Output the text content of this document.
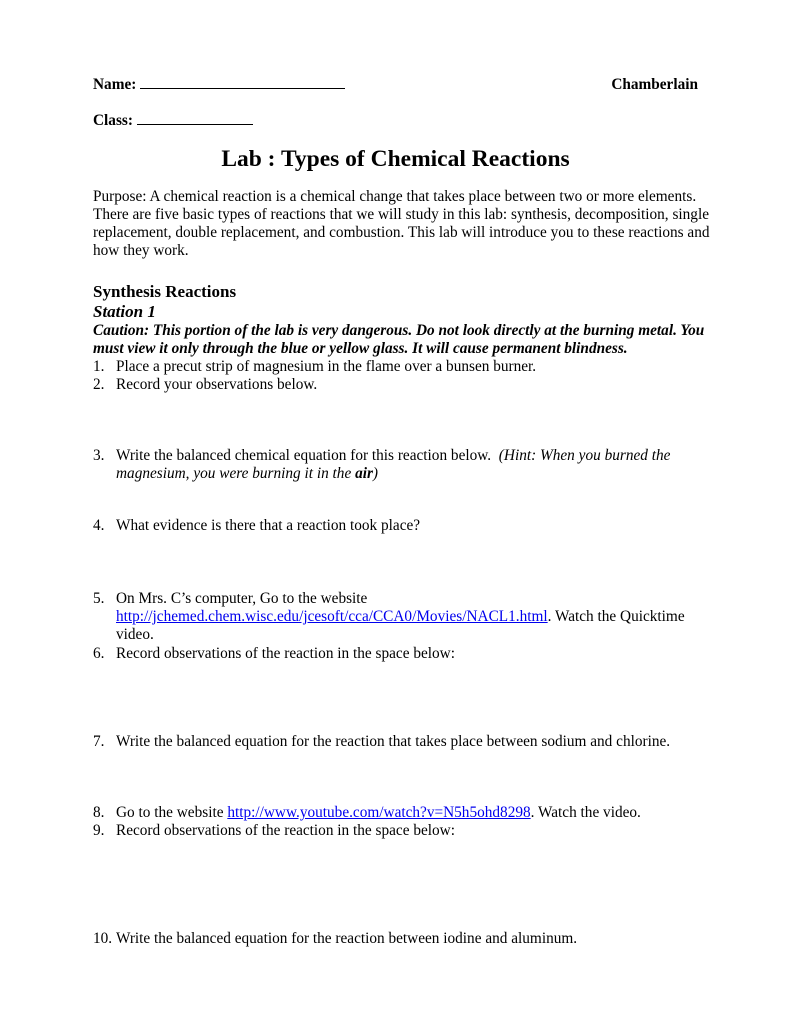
Name:	Chamberlain
Class:
Lab : Types of Chemical Reactions
Purpose: A chemical reaction is a chemical change that takes place between two or more elements. There are five basic types of reactions that we will study in this lab: synthesis, decomposition, single replacement, double replacement, and combustion. This lab will introduce you to these reactions and how they work.
Synthesis Reactions
Station 1
Caution: This portion of the lab is very dangerous. Do not look directly at the burning metal. You must view it only through the blue or yellow glass. It will cause permanent blindness.
1. Place a precut strip of magnesium in the flame over a bunsen burner.
2. Record your observations below.
3. Write the balanced chemical equation for this reaction below. (Hint: When you burned the magnesium, you were burning it in the air)
4. What evidence is there that a reaction took place?
5. On Mrs. C’s computer, Go to the website
http://jchemed.chem.wisc.edu/jcesoft/cca/CCA0/Movies/NACL1.html. Watch the Quicktime video.
6. Record observations of the reaction in the space below:
7. Write the balanced equation for the reaction that takes place between sodium and chlorine.
8. Go to the website http://www.youtube.com/watch?v=N5h5ohd8298. Watch the video.
9. Record observations of the reaction in the space below:
10. Write the balanced equation for the reaction between iodine and aluminum.
